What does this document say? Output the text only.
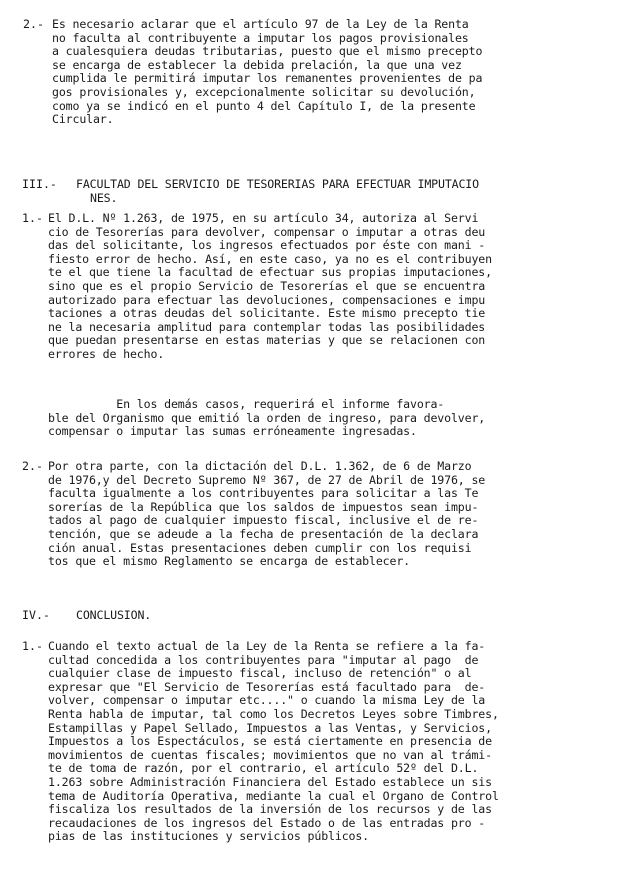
2.- Es necesario aclarar que el artículo 97 de la Ley de la Renta
no faculta al contribuyente a imputar los pagos provisionales
a cualesquiera deudas tributarias, puesto que el mismo precepto
se encarga de establecer la debida prelación, la que una vez
cumplida le permitirá imputar los remanentes provenientes de pa
gos provisionales y, excepcionalmente solicitar su devolución,
como ya se indicó en el punto 4 del Capítulo I, de la presente
Circular.
III.- FACULTAD DEL SERVICIO DE TESORERIAS PARA EFECTUAR IMPUTACIO
NES.
1.- El D.L. Nº 1.263, de 1975, en su artículo 34, autoriza al Servi
cio de Tesorerías para devolver, compensar o imputar a otras deu
das del solicitante, los ingresos efectuados por éste con mani -
fiesto error de hecho. Así, en este caso, ya no es el contribuyen
te el que tiene la facultad de efectuar sus propias imputaciones,
sino que es el propio Servicio de Tesorerías el que se encuentra
autorizado para efectuar las devoluciones, compensaciones e impu
taciones a otras deudas del solicitante. Este mismo precepto tie
ne la necesaria amplitud para contemplar todas las posibilidades
que puedan presentarse en estas materias y que se relacionen con
errores de hecho.
En los demás casos, requerirá el informe favora-
ble del Organismo que emitió la orden de ingreso, para devolver,
compensar o imputar las sumas erróneamente ingresadas.
2.- Por otra parte, con la dictación del D.L. 1.362, de 6 de Marzo
de 1976,y del Decreto Supremo Nº 367, de 27 de Abril de 1976, se
faculta igualmente a los contribuyentes para solicitar a las Te
sorerías de la República que los saldos de impuestos sean impu-
tados al pago de cualquier impuesto fiscal, inclusive el de re-
tención, que se adeude a la fecha de presentación de la declara
ción anual. Estas presentaciones deben cumplir con los requisi
tos que el mismo Reglamento se encarga de establecer.
IV.- CONCLUSION.
1.- Cuando el texto actual de la Ley de la Renta se refiere a la fa-
cultad concedida a los contribuyentes para "imputar al pago  de
cualquier clase de impuesto fiscal, incluso de retención" o al
expresar que "El Servicio de Tesorerías está facultado para  de-
volver, compensar o imputar etc...." o cuando la misma Ley de la
Renta habla de imputar, tal como los Decretos Leyes sobre Timbres,
Estampillas y Papel Sellado, Impuestos a las Ventas, y Servicios,
Impuestos a los Espectáculos, se está ciertamente en presencia de
movimientos de cuentas fiscales; movimientos que no van al trámi-
te de toma de razón, por el contrario, el artículo 52º del D.L.
1.263 sobre Administración Financiera del Estado establece un sis
tema de Auditoría Operativa, mediante la cual el Organo de Control
fiscaliza los resultados de la inversión de los recursos y de las
recaudaciones de los ingresos del Estado o de las entradas pro -
pias de las instituciones y servicios públicos.
